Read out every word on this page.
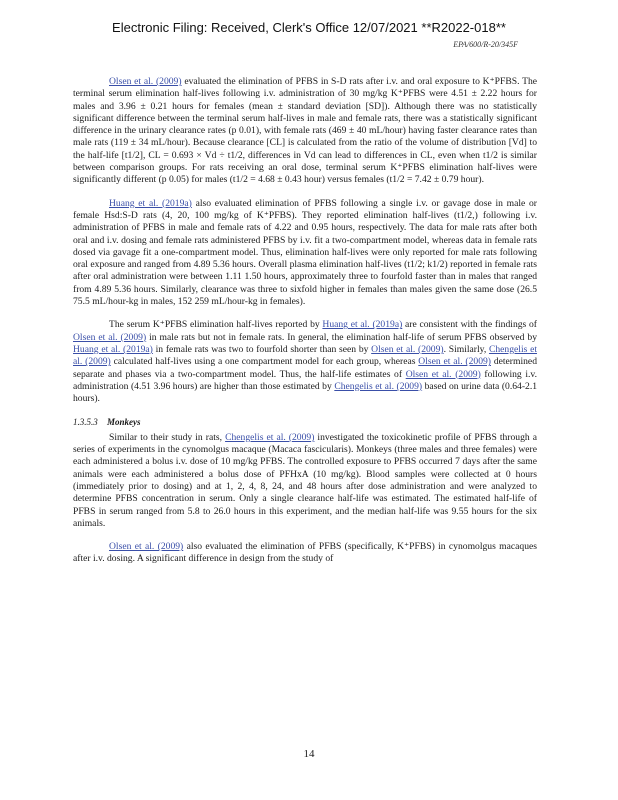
Electronic Filing: Received, Clerk's Office 12/07/2021 **R2022-018**
EPA/600/R-20/345F

Olsen et al. (2009) evaluated the elimination of PFBS in S-D rats after i.v. and oral exposure to K⁺PFBS. The terminal serum elimination half-lives following i.v. administration of 30 mg/kg K⁺PFBS were 4.51 ± 2.22 hours for males and 3.96 ± 0.21 hours for females (mean ± standard deviation [SD]). Although there was no statistically significant difference between the terminal serum half-lives in male and female rats, there was a statistically significant difference in the urinary clearance rates (p 0.01), with female rats (469 ± 40 mL/hour) having faster clearance rates than male rats (119 ± 34 mL/hour). Because clearance [CL] is calculated from the ratio of the volume of distribution [Vd] to the half-life [t1/2], CL = 0.693 × Vd ÷ t1/2, differences in Vd can lead to differences in CL, even when t1/2 is similar between comparison groups. For rats receiving an oral dose, terminal serum K⁺PFBS elimination half-lives were significantly different (p 0.05) for males (t1/2 = 4.68 ± 0.43 hour) versus females (t1/2 = 7.42 ± 0.79 hour).

Huang et al. (2019a) also evaluated elimination of PFBS following a single i.v. or gavage dose in male or female Hsd:S-D rats (4, 20, 100 mg/kg of K⁺PFBS). They reported elimination half-lives (t1/2,) following i.v. administration of PFBS in male and female rats of 4.22 and 0.95 hours, respectively. The data for male rats after both oral and i.v. dosing and female rats administered PFBS by i.v. fit a two-compartment model, whereas data in female rats dosed via gavage fit a one-compartment model. Thus, elimination half-lives were only reported for male rats following oral exposure and ranged from 4.89 5.36 hours. Overall plasma elimination half-lives (t1/2; k1/2) reported in female rats after oral administration were between 1.11 1.50 hours, approximately three to fourfold faster than in males that ranged from 4.89 5.36 hours. Similarly, clearance was three to sixfold higher in females than males given the same dose (26.5 75.5 mL/hour-kg in males, 152 259 mL/hour-kg in females).

The serum K⁺PFBS elimination half-lives reported by Huang et al. (2019a) are consistent with the findings of Olsen et al. (2009) in male rats but not in female rats. In general, the elimination half-life of serum PFBS observed by Huang et al. (2019a) in female rats was two to fourfold shorter than seen by Olsen et al. (2009). Similarly, Chengelis et al. (2009) calculated half-lives using a one compartment model for each group, whereas Olsen et al. (2009) determined separate and phases via a two-compartment model. Thus, the half-life estimates of Olsen et al. (2009) following i.v. administration (4.51 3.96 hours) are higher than those estimated by Chengelis et al. (2009) based on urine data (0.64-2.1 hours).

1.3.5.3 Monkeys

Similar to their study in rats, Chengelis et al. (2009) investigated the toxicokinetic profile of PFBS through a series of experiments in the cynomolgus macaque (Macaca fascicularis). Monkeys (three males and three females) were each administered a bolus i.v. dose of 10 mg/kg PFBS. The controlled exposure to PFBS occurred 7 days after the same animals were each administered a bolus dose of PFHxA (10 mg/kg). Blood samples were collected at 0 hours (immediately prior to dosing) and at 1, 2, 4, 8, 24, and 48 hours after dose administration and were analyzed to determine PFBS concentration in serum. Only a single clearance half-life was estimated. The estimated half-life of PFBS in serum ranged from 5.8 to 26.0 hours in this experiment, and the median half-life was 9.55 hours for the six animals.

Olsen et al. (2009) also evaluated the elimination of PFBS (specifically, K⁺PFBS) in cynomolgus macaques after i.v. dosing. A significant difference in design from the study of

14
